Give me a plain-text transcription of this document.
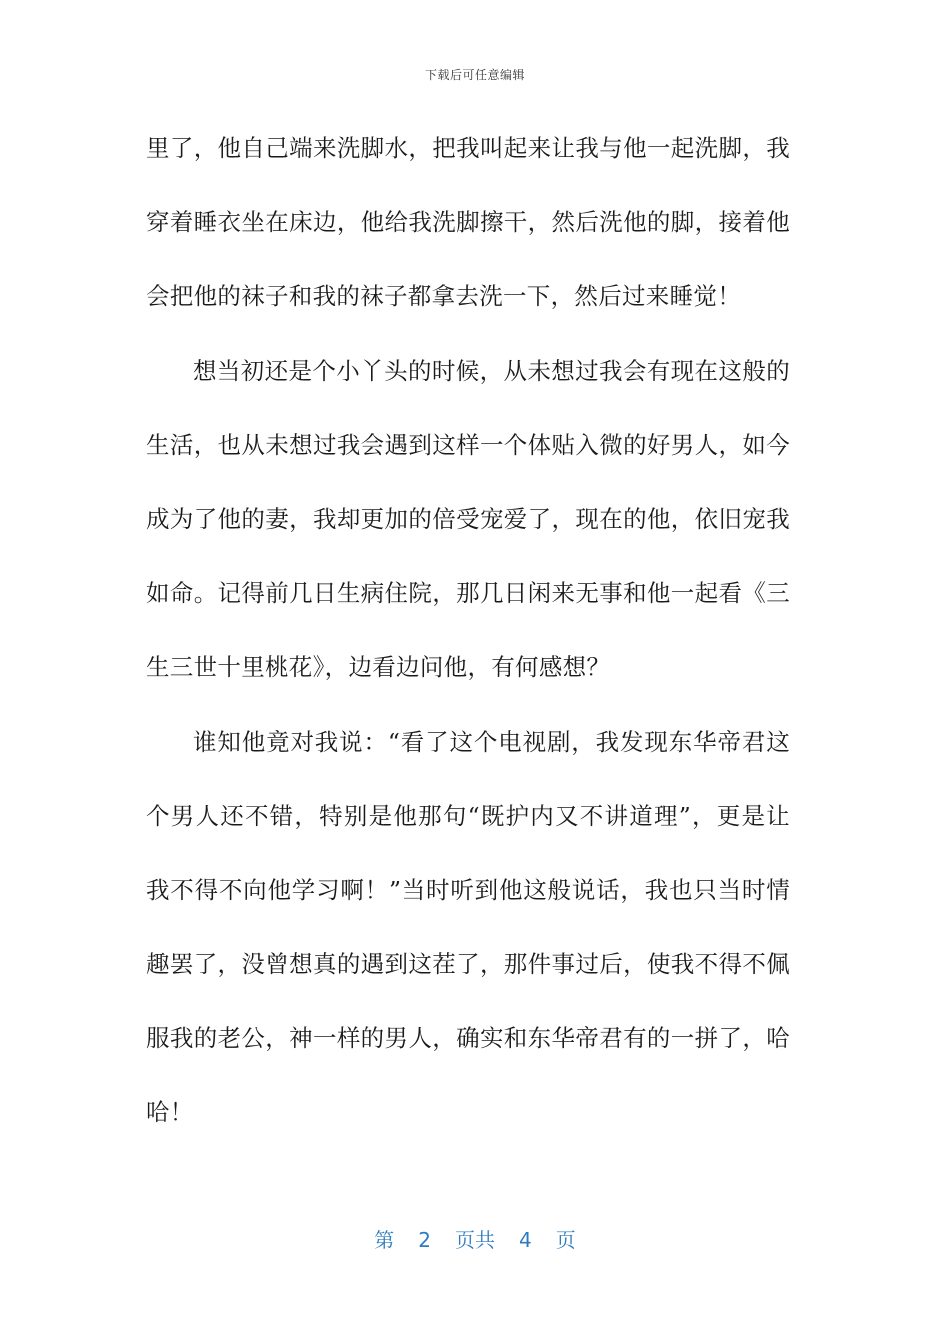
下载后可任意编辑
里了，他自己端来洗脚水，把我叫起来让我与他一起洗脚，我
穿着睡衣坐在床边，他给我洗脚擦干，然后洗他的脚，接着他
会把他的袜子和我的袜子都拿去洗一下，然后过来睡觉！
想当初还是个小丫头的时候，从未想过我会有现在这般的
生活，也从未想过我会遇到这样一个体贴入微的好男人，如今
成为了他的妻，我却更加的倍受宠爱了，现在的他，依旧宠我
如命。记得前几日生病住院，那几日闲来无事和他一起看《三
生三世十里桃花》，边看边问他，有何感想？
谁知他竟对我说：“看了这个电视剧，我发现东华帝君这
个男人还不错，特别是他那句“既护内又不讲道理”，更是让
我不得不向他学习啊！”当时听到他这般说话，我也只当时情
趣罢了，没曾想真的遇到这茬了，那件事过后，使我不得不佩
服我的老公，神一样的男人，确实和东华帝君有的一拼了，哈
哈！
第 2 页共 4 页
